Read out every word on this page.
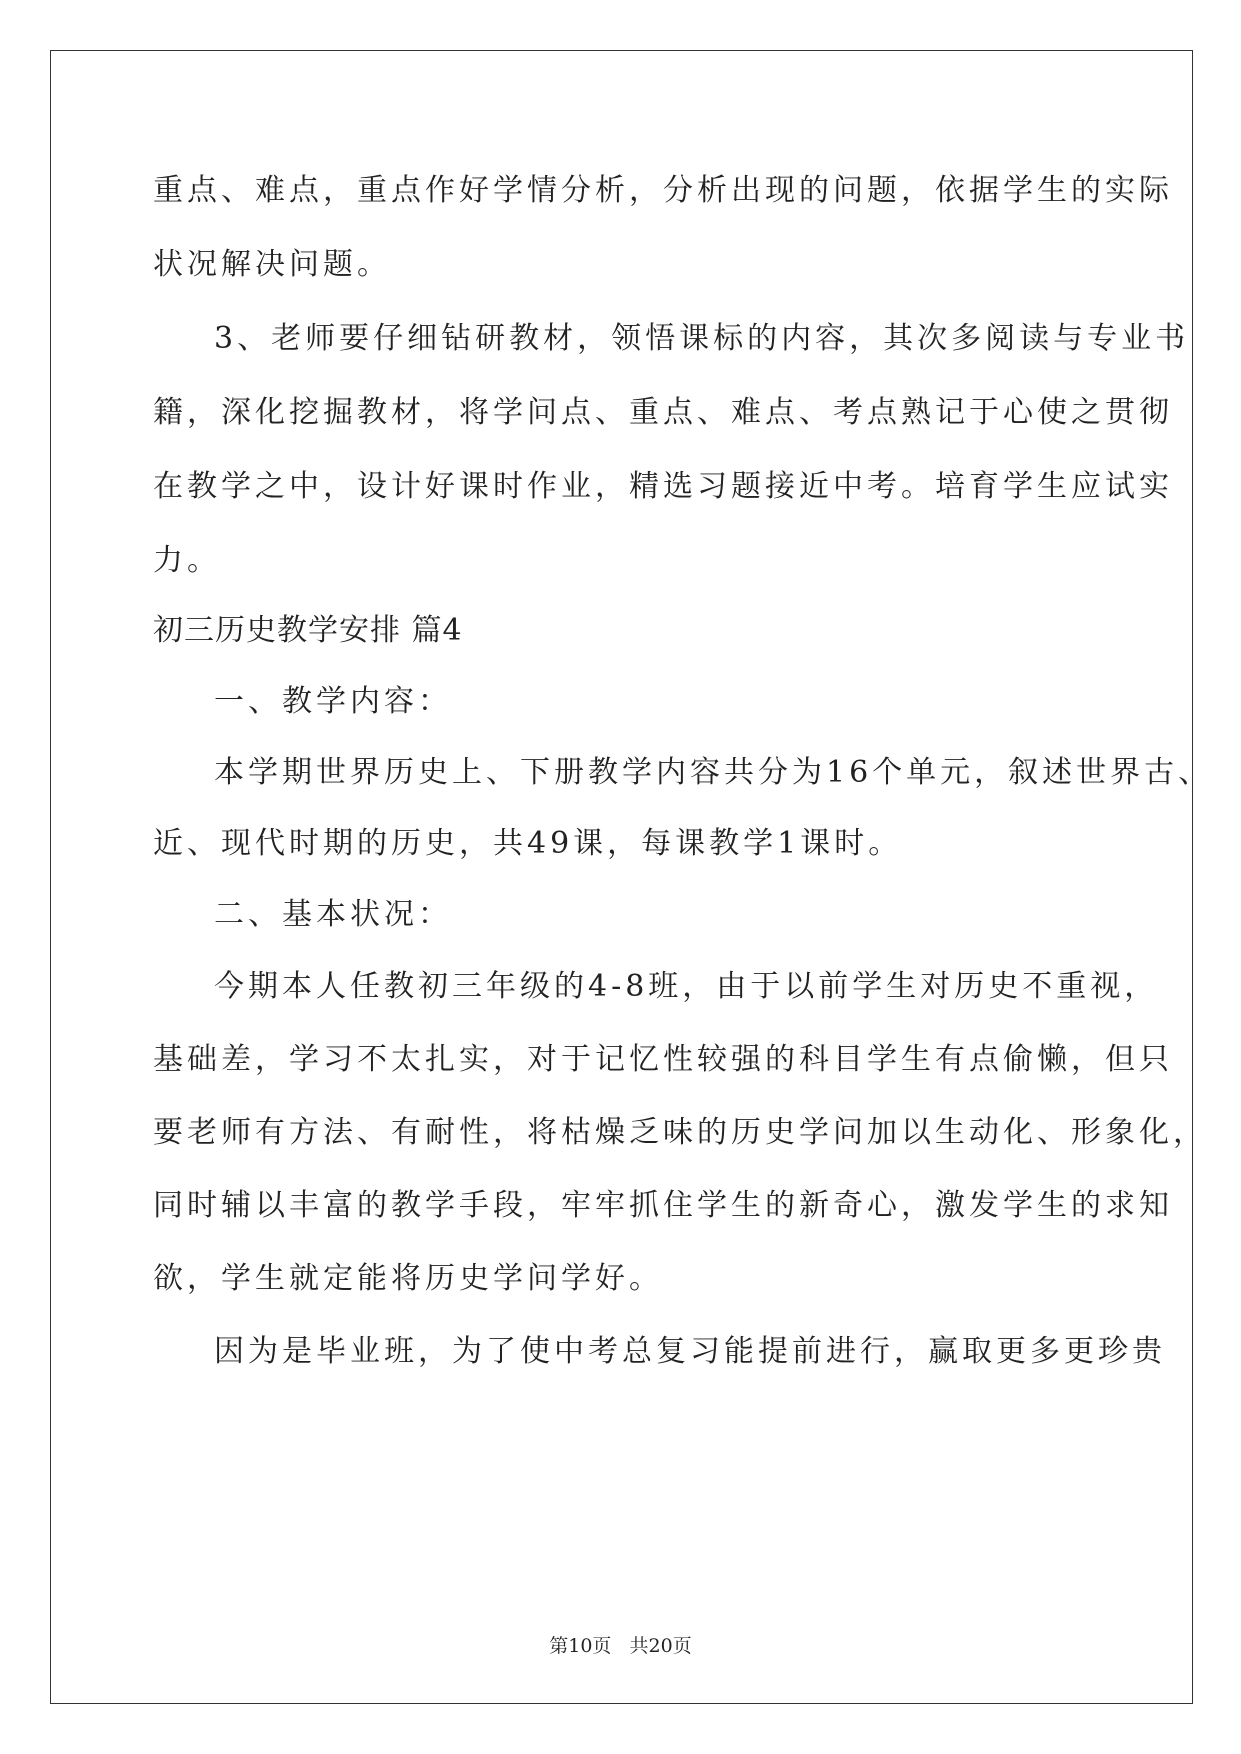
重点、难点，重点作好学情分析，分析出现的问题，依据学生的实际
状况解决问题。
3、老师要仔细钻研教材，领悟课标的内容，其次多阅读与专业书
籍，深化挖掘教材，将学问点、重点、难点、考点熟记于心使之贯彻
在教学之中，设计好课时作业，精选习题接近中考。培育学生应试实
力。
初三历史教学安排 篇4
一、教学内容：
本学期世界历史上、下册教学内容共分为16个单元，叙述世界古、
近、现代时期的历史，共49课，每课教学1课时。
二、基本状况：
今期本人任教初三年级的4-8班，由于以前学生对历史不重视，
基础差，学习不太扎实，对于记忆性较强的科目学生有点偷懒，但只
要老师有方法、有耐性，将枯燥乏味的历史学问加以生动化、形象化，
同时辅以丰富的教学手段，牢牢抓住学生的新奇心，激发学生的求知
欲，学生就定能将历史学问学好。
因为是毕业班，为了使中考总复习能提前进行，赢取更多更珍贵
第10页   共20页
